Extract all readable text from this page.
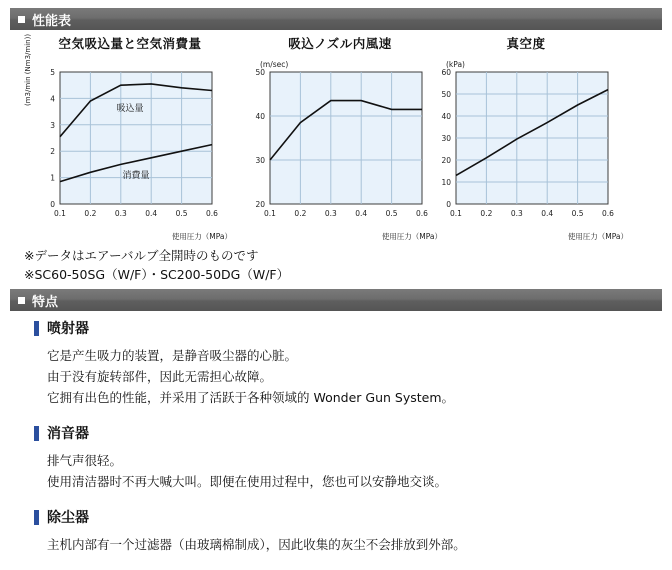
性能表
空気吸込量と空気消費量
(m3/min (Nm3/min))
0
1
2
3
4
5
0.1 0.2 0.3 0.4 0.5 0.6
吸込量
消費量
使用圧力（MPa）
吸込ノズル内風速
(m/sec)
20
30
40
50
0.1 0.2 0.3 0.4 0.5 0.6
使用圧力（MPa）
真空度
(kPa)
0
10
20
30
40
50
60
0.1 0.2 0.3 0.4 0.5 0.6
使用圧力（MPa）
※データはエアーバルブ全開時のものです
※SC60-50SG（W/F）・SC200-50DG（W/F）
特点
喷射器
它是产生吸力的装置，是静音吸尘器的心脏。
由于没有旋转部件，因此无需担心故障。
它拥有出色的性能，并采用了活跃于各种领域的 Wonder Gun System。
消音器
排气声很轻。
使用清洁器时不再大喊大叫。即便在使用过程中，您也可以安静地交谈。
除尘器
主机内部有一个过滤器（由玻璃棉制成），因此收集的灰尘不会排放到外部。
